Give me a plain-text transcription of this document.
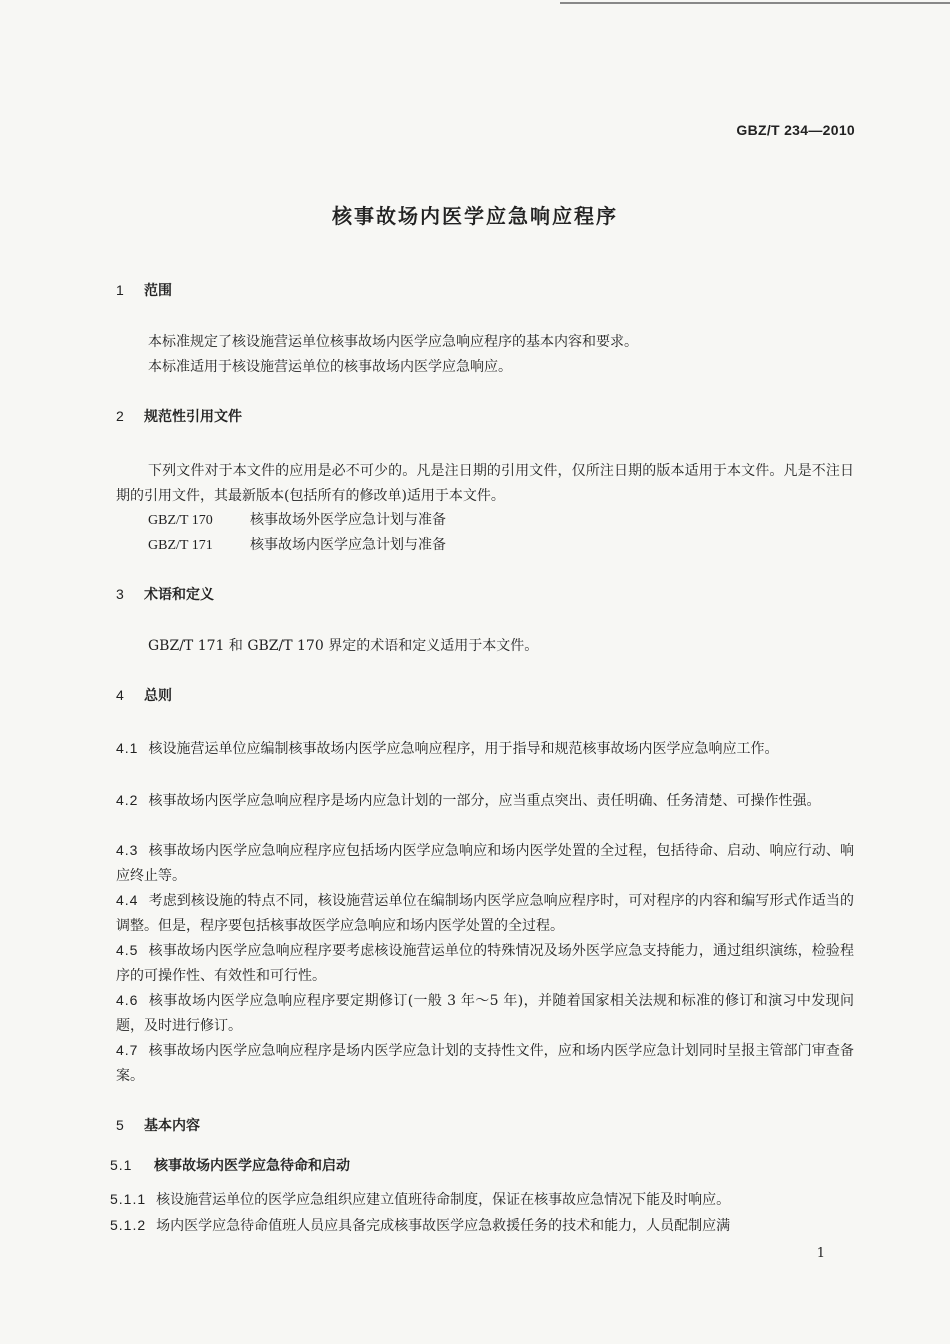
GBZ/T 234—2010
核事故场内医学应急响应程序
1 范围
本标准规定了核设施营运单位核事故场内医学应急响应程序的基本内容和要求。
本标准适用于核设施营运单位的核事故场内医学应急响应。
2 规范性引用文件
下列文件对于本文件的应用是必不可少的。凡是注日期的引用文件，仅所注日期的版本适用于本文件。凡是不注日期的引用文件，其最新版本(包括所有的修改单)适用于本文件。
GBZ/T 170	核事故场外医学应急计划与准备
GBZ/T 171	核事故场内医学应急计划与准备
3 术语和定义
GBZ/T 171 和 GBZ/T 170 界定的术语和定义适用于本文件。
4 总则
4.1 核设施营运单位应编制核事故场内医学应急响应程序，用于指导和规范核事故场内医学应急响应工作。
4.2 核事故场内医学应急响应程序是场内应急计划的一部分，应当重点突出、责任明确、任务清楚、可操作性强。
4.3 核事故场内医学应急响应程序应包括场内医学应急响应和场内医学处置的全过程，包括待命、启动、响应行动、响应终止等。
4.4 考虑到核设施的特点不同，核设施营运单位在编制场内医学应急响应程序时，可对程序的内容和编写形式作适当的调整。但是，程序要包括核事故医学应急响应和场内医学处置的全过程。
4.5 核事故场内医学应急响应程序要考虑核设施营运单位的特殊情况及场外医学应急支持能力，通过组织演练，检验程序的可操作性、有效性和可行性。
4.6 核事故场内医学应急响应程序要定期修订(一般 3 年～5 年)，并随着国家相关法规和标准的修订和演习中发现问题，及时进行修订。
4.7 核事故场内医学应急响应程序是场内医学应急计划的支持性文件，应和场内医学应急计划同时呈报主管部门审查备案。
5 基本内容
5.1 核事故场内医学应急待命和启动
5.1.1 核设施营运单位的医学应急组织应建立值班待命制度，保证在核事故应急情况下能及时响应。
5.1.2 场内医学应急待命值班人员应具备完成核事故医学应急救援任务的技术和能力，人员配制应满
1
